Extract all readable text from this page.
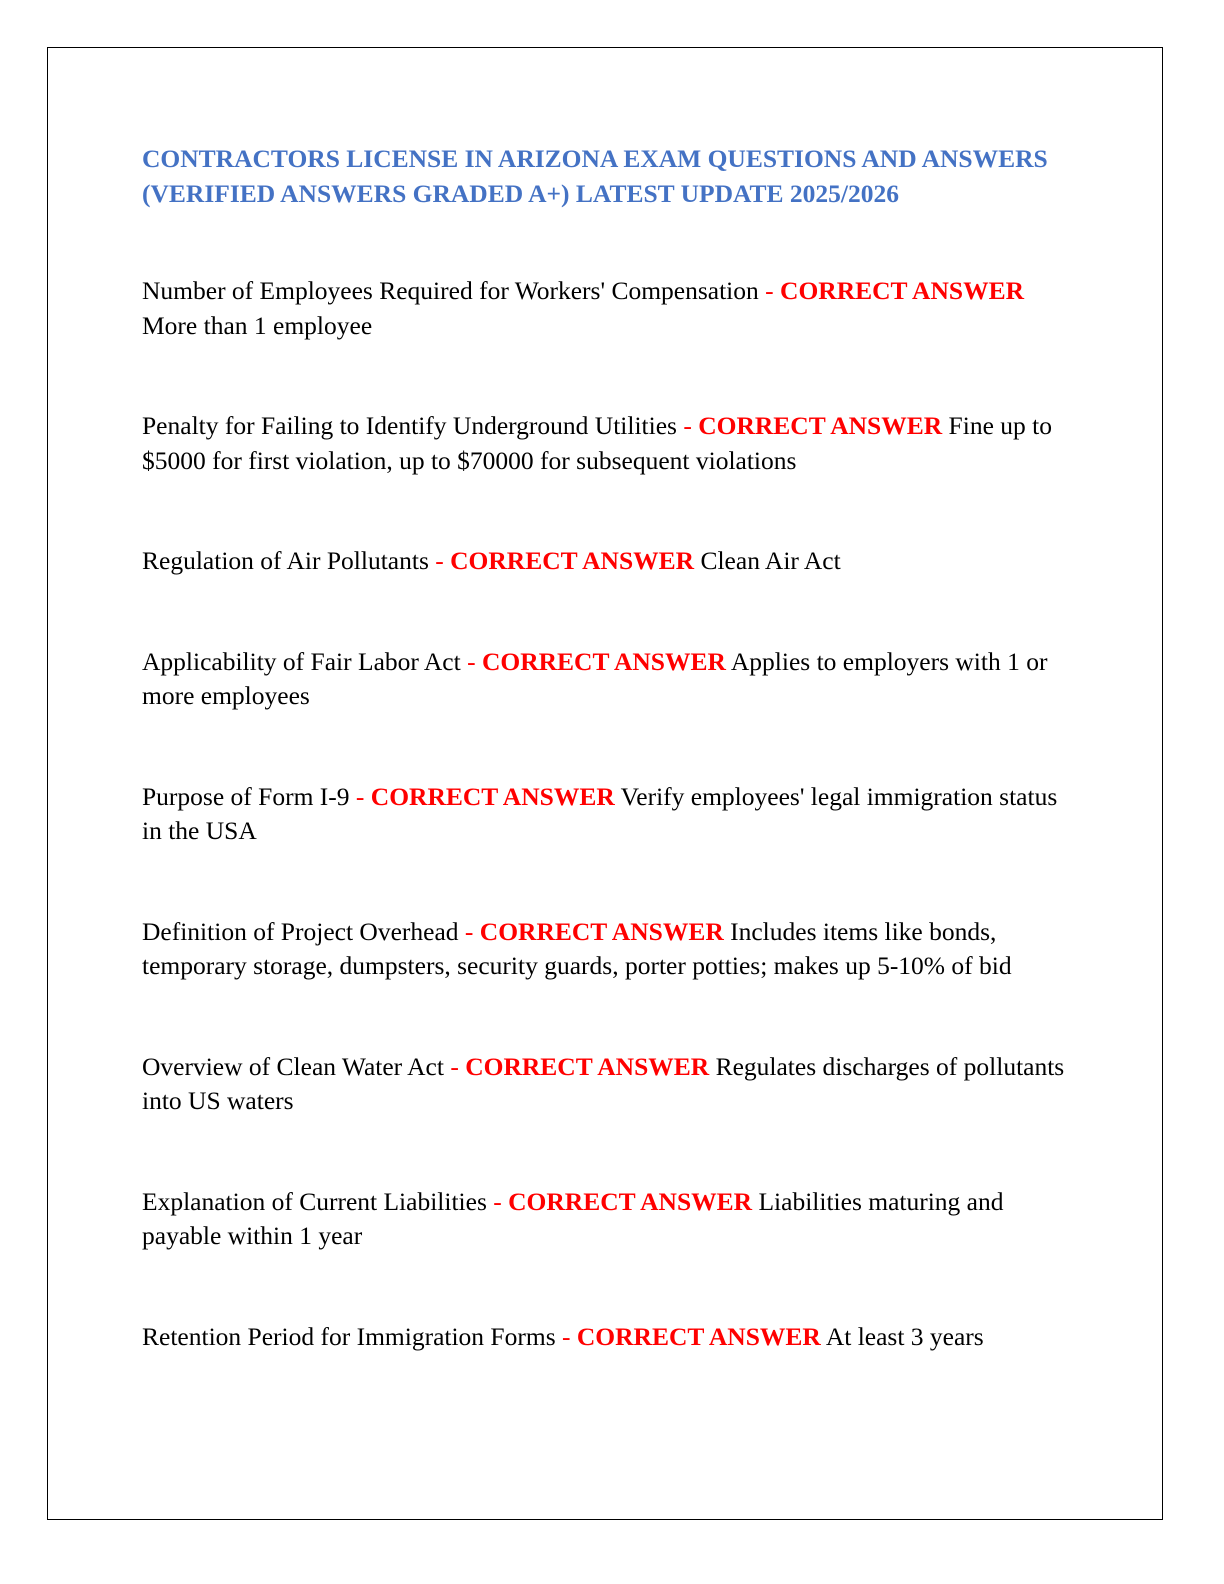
CONTRACTORS LICENSE IN ARIZONA EXAM QUESTIONS AND ANSWERS (VERIFIED ANSWERS GRADED A+) LATEST UPDATE 2025/2026
Number of Employees Required for Workers' Compensation - CORRECT ANSWER More than 1 employee
Penalty for Failing to Identify Underground Utilities - CORRECT ANSWER Fine up to $5000 for first violation, up to $70000 for subsequent violations
Regulation of Air Pollutants - CORRECT ANSWER Clean Air Act
Applicability of Fair Labor Act - CORRECT ANSWER Applies to employers with 1 or more employees
Purpose of Form I-9 - CORRECT ANSWER Verify employees' legal immigration status in the USA
Definition of Project Overhead - CORRECT ANSWER Includes items like bonds, temporary storage, dumpsters, security guards, porter potties; makes up 5-10% of bid
Overview of Clean Water Act - CORRECT ANSWER Regulates discharges of pollutants into US waters
Explanation of Current Liabilities - CORRECT ANSWER Liabilities maturing and payable within 1 year
Retention Period for Immigration Forms - CORRECT ANSWER At least 3 years
